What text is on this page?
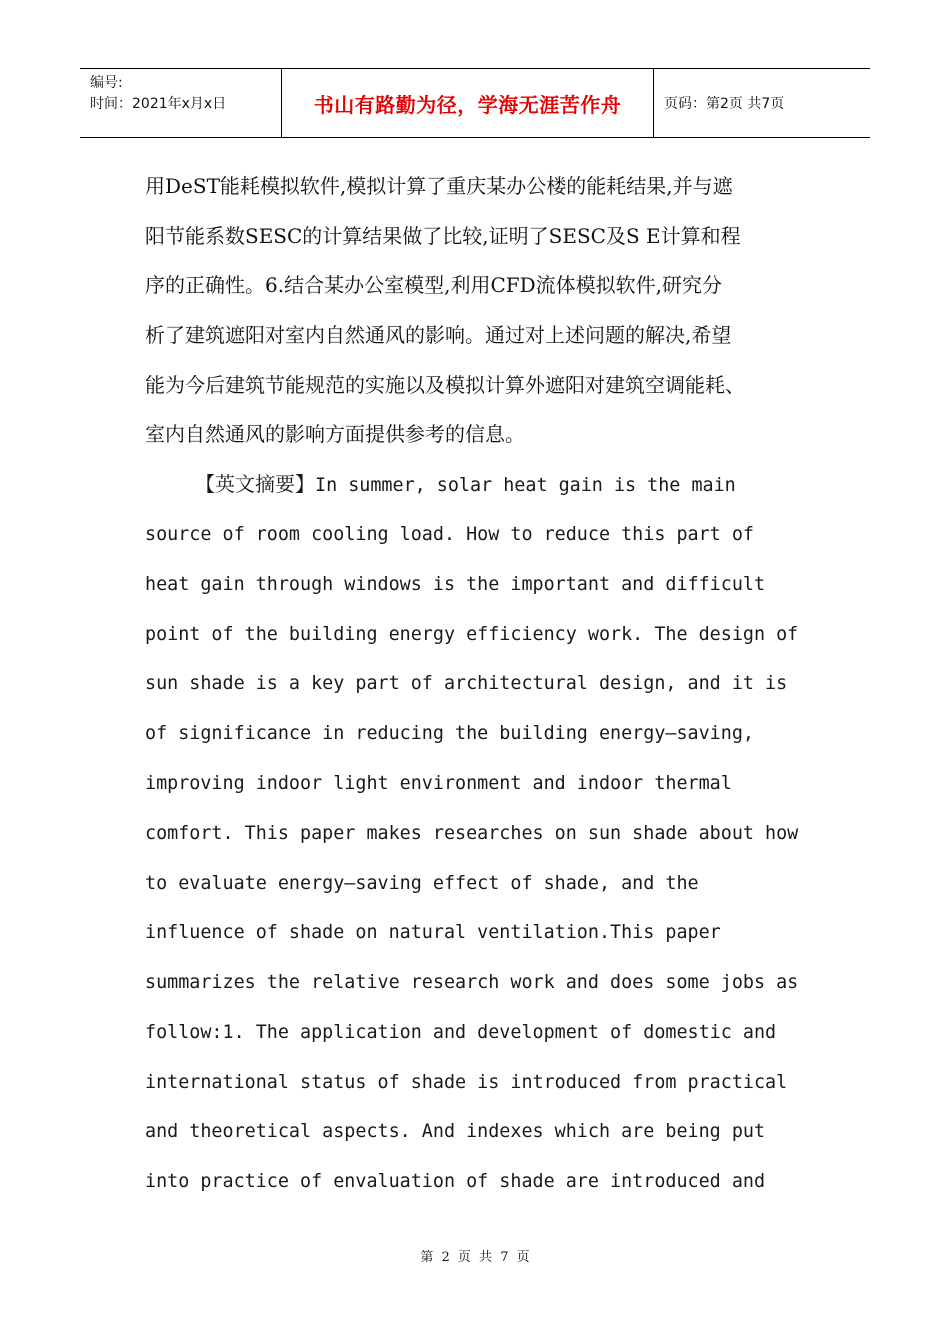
编号:
时间：2021年x月x日	书山有路勤为径，学海无涯苦作舟	页码：第2页 共7页
用DeST能耗模拟软件,模拟计算了重庆某办公楼的能耗结果,并与遮
阳节能系数SESC的计算结果做了比较,证明了SESC及S E计算和程
序的正确性。6.结合某办公室模型,利用CFD流体模拟软件,研究分
析了建筑遮阳对室内自然通风的影响。通过对上述问题的解决,希望
能为今后建筑节能规范的实施以及模拟计算外遮阳对建筑空调能耗、
室内自然通风的影响方面提供参考的信息。
【英文摘要】In summer, solar heat gain is the main
source of room cooling load. How to reduce this part of
heat gain through windows is the important and difficult
point of the building energy efficiency work. The design of
sun shade is a key part of architectural design, and it is
of significance in reducing the building energy—saving,
improving indoor light environment and indoor thermal
comfort. This paper makes researches on sun shade about how
to evaluate energy—saving effect of shade, and the
influence of shade on natural ventilation.This paper
summarizes the relative research work and does some jobs as
follow:1. The application and development of domestic and
international status of shade is introduced from practical
and theoretical aspects. And indexes which are being put
into practice of envaluation of shade are introduced and
第 2 页 共 7 页
